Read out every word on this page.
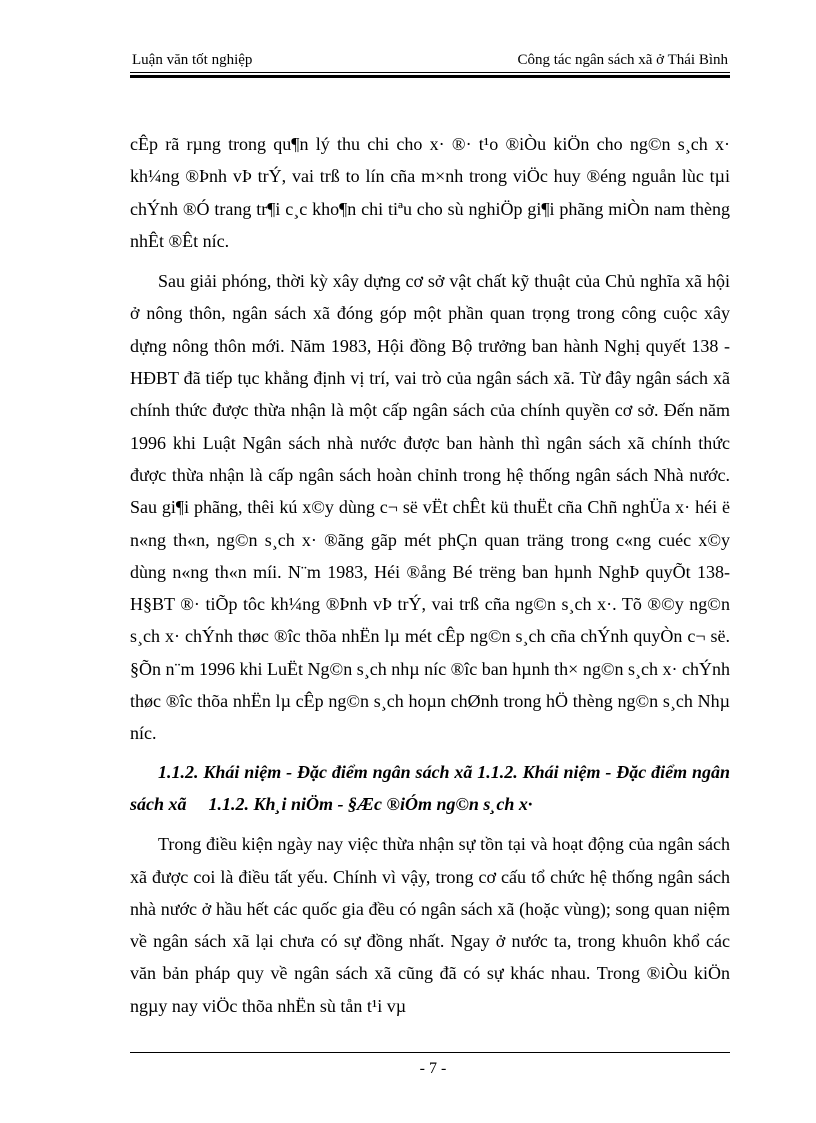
Luận văn tốt nghiệp	Công tác ngân sách xã ở Thái Bình

cÊp rã rµng trong qu¶n lý thu chi cho x· ®· t¹o ®iÒu kiÖn cho ng©n s¸ch x· kh¼ng ®Þnh vÞ trÝ, vai trß to lín cña m×nh trong viÖc huy ®éng nguån lùc tµi chÝnh ®Ó trang tr¶i c¸c kho¶n chi tiªu cho sù nghiÖp gi¶i phãng miÒn nam thèng nhÊt ®Êt níc.

Sau giải phóng, thời kỳ xây dựng cơ sở vật chất kỹ thuật của Chủ nghĩa xã hội ở nông thôn, ngân sách xã đóng góp một phần quan trọng trong công cuộc xây dựng nông thôn mới. Năm 1983, Hội đồng Bộ trưởng ban hành Nghị quyết 138 - HĐBT đã tiếp tục khẳng định vị trí, vai trò của ngân sách xã. Từ đây ngân sách xã chính thức được thừa nhận là một cấp ngân sách của chính quyền cơ sở. Đến năm 1996 khi Luật Ngân sách nhà nước được ban hành thì ngân sách xã chính thức được thừa nhận là cấp ngân sách hoàn chỉnh trong hệ thống ngân sách Nhà nước. Sau gi¶i phãng, thêi kú x©y dùng c¬ së vËt chÊt kü thuËt cña Chñ nghÜa x· héi ë n«ng th«n, ng©n s¸ch x· ®ãng gãp mét phÇn quan träng trong c«ng cuéc x©y dùng n«ng th«n míi. N¨m 1983, Héi ®ång Bé trëng ban hµnh NghÞ quyÕt 138-H§BT ®· tiÕp tôc kh¼ng ®Þnh vÞ trÝ, vai trß cña ng©n s¸ch x·. Tõ ®©y ng©n s¸ch x· chÝnh thøc ®îc thõa nhËn lµ mét cÊp ng©n s¸ch cña chÝnh quyÒn c¬ së. §Õn n¨m 1996 khi LuËt Ng©n s¸ch nhµ níc ®îc ban hµnh th× ng©n s¸ch x· chÝnh thøc ®îc thõa nhËn lµ cÊp ng©n s¸ch hoµn chØnh trong hÖ thèng ng©n s¸ch Nhµ níc.

1.1.2. Khái niệm - Đặc điểm ngân sách xã 1.1.2. Khái niệm - Đặc điểm ngân sách xã 1.1.2. Kh¸i niÖm - §Æc ®iÓm ng©n s¸ch x·

Trong điều kiện ngày nay việc thừa nhận sự tồn tại và hoạt động của ngân sách xã được coi là điều tất yếu. Chính vì vậy, trong cơ cấu tổ chức hệ thống ngân sách nhà nước ở hầu hết các quốc gia đều có ngân sách xã (hoặc vùng); song quan niệm về ngân sách xã lại chưa có sự đồng nhất. Ngay ở nước ta, trong khuôn khổ các văn bản pháp quy về ngân sách xã cũng đã có sự khác nhau. Trong ®iÒu kiÖn ngµy nay viÖc thõa nhËn sù tån t¹i vµ

- 7 -
